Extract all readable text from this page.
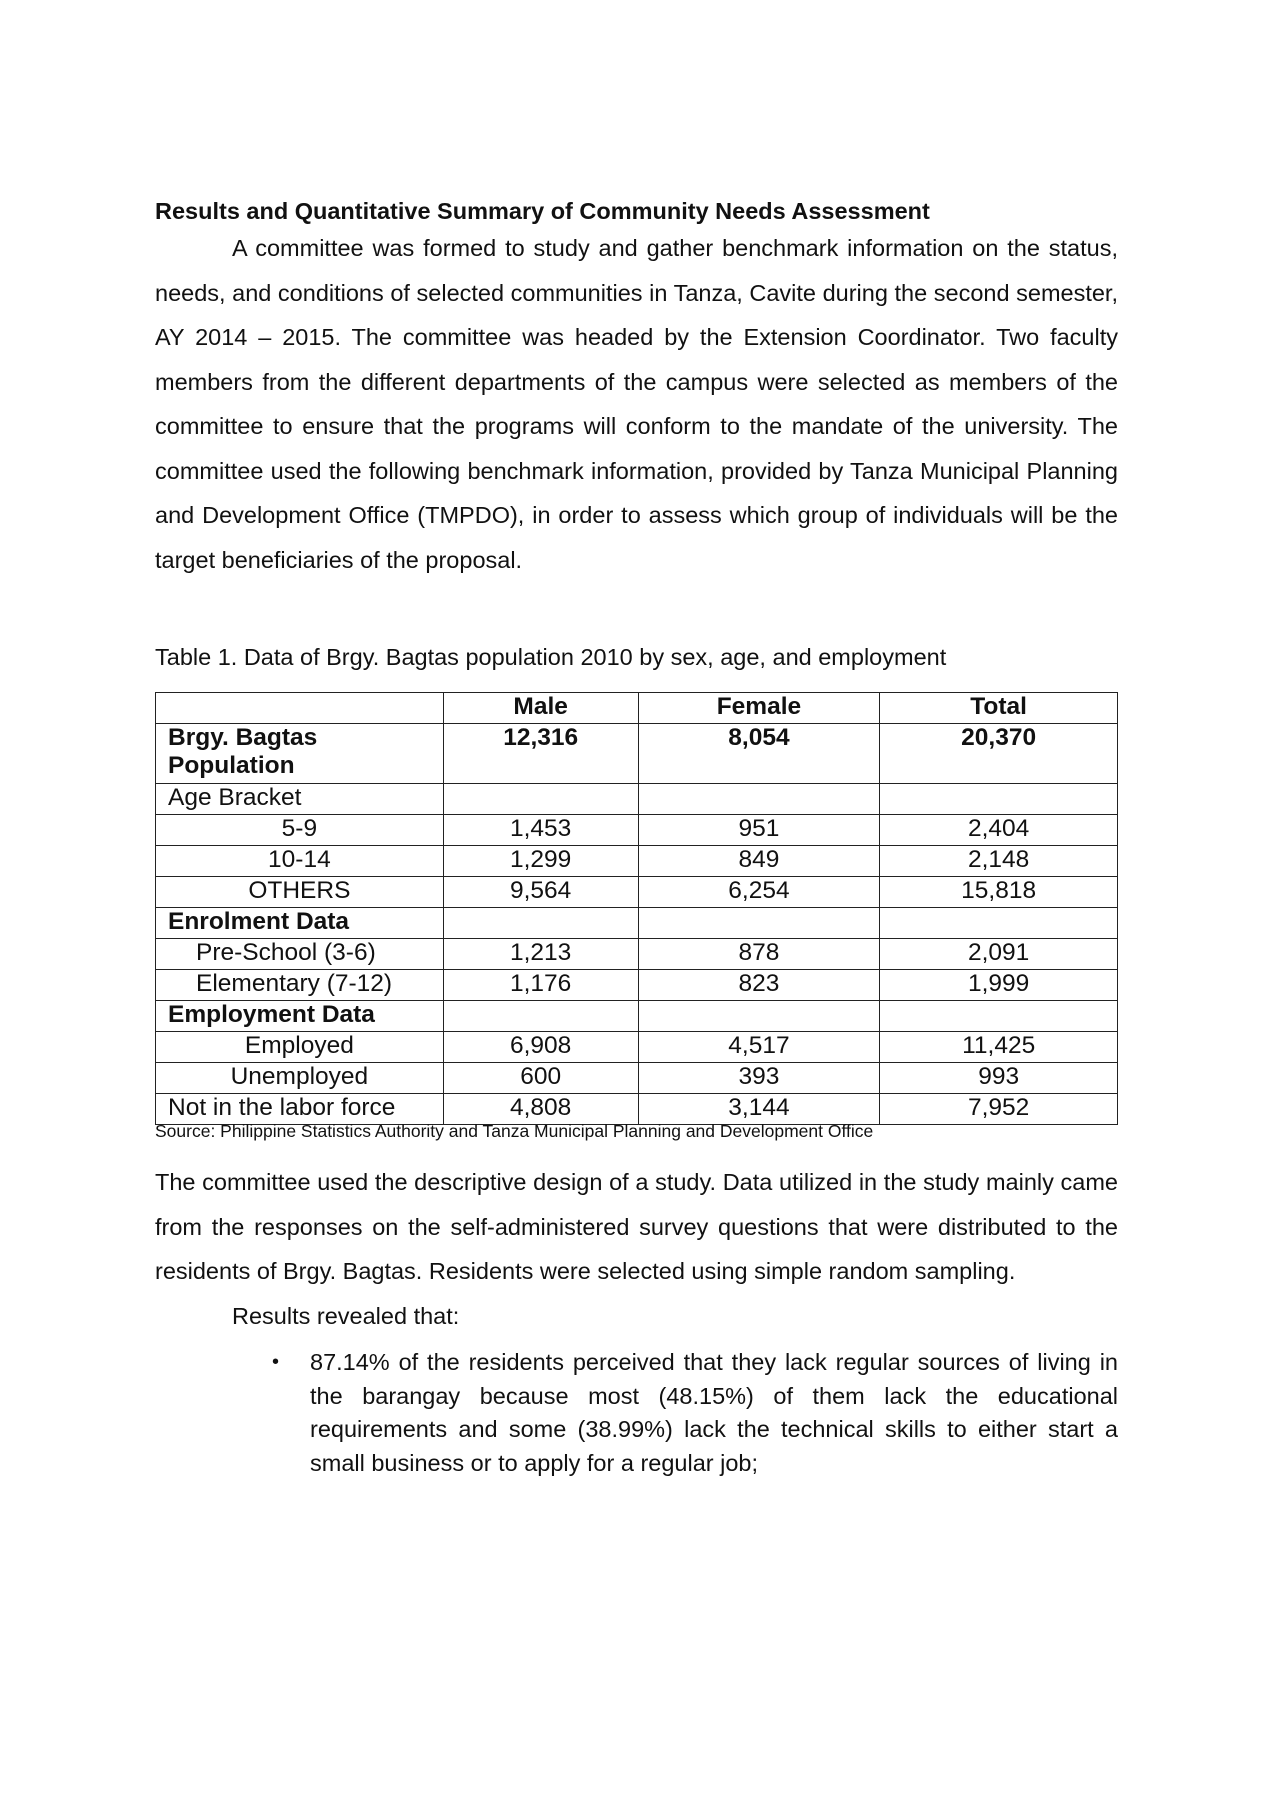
Results and Quantitative Summary of Community Needs Assessment

A committee was formed to study and gather benchmark information on the status, needs, and conditions of selected communities in Tanza, Cavite during the second semester, AY 2014 – 2015. The committee was headed by the Extension Coordinator. Two faculty members from the different departments of the campus were selected as members of the committee to ensure that the programs will conform to the mandate of the university. The committee used the following benchmark information, provided by Tanza Municipal Planning and Development Office (TMPDO), in order to assess which group of individuals will be the target beneficiaries of the proposal.

Table 1. Data of Brgy. Bagtas population 2010 by sex, age, and employment

	Male	Female	Total
Brgy. Bagtas Population	12,316	8,054	20,370
Age Bracket			
5-9	1,453	951	2,404
10-14	1,299	849	2,148
OTHERS	9,564	6,254	15,818
Enrolment Data			
Pre-School (3-6)	1,213	878	2,091
Elementary (7-12)	1,176	823	1,999
Employment Data			
Employed	6,908	4,517	11,425
Unemployed	600	393	993
Not in the labor force	4,808	3,144	7,952

Source: Philippine Statistics Authority and Tanza Municipal Planning and Development Office

The committee used the descriptive design of a study. Data utilized in the study mainly came from the responses on the self-administered survey questions that were distributed to the residents of Brgy. Bagtas. Residents were selected using simple random sampling.

Results revealed that:

• 87.14% of the residents perceived that they lack regular sources of living in the barangay because most (48.15%) of them lack the educational requirements and some (38.99%) lack the technical skills to either start a small business or to apply for a regular job;
